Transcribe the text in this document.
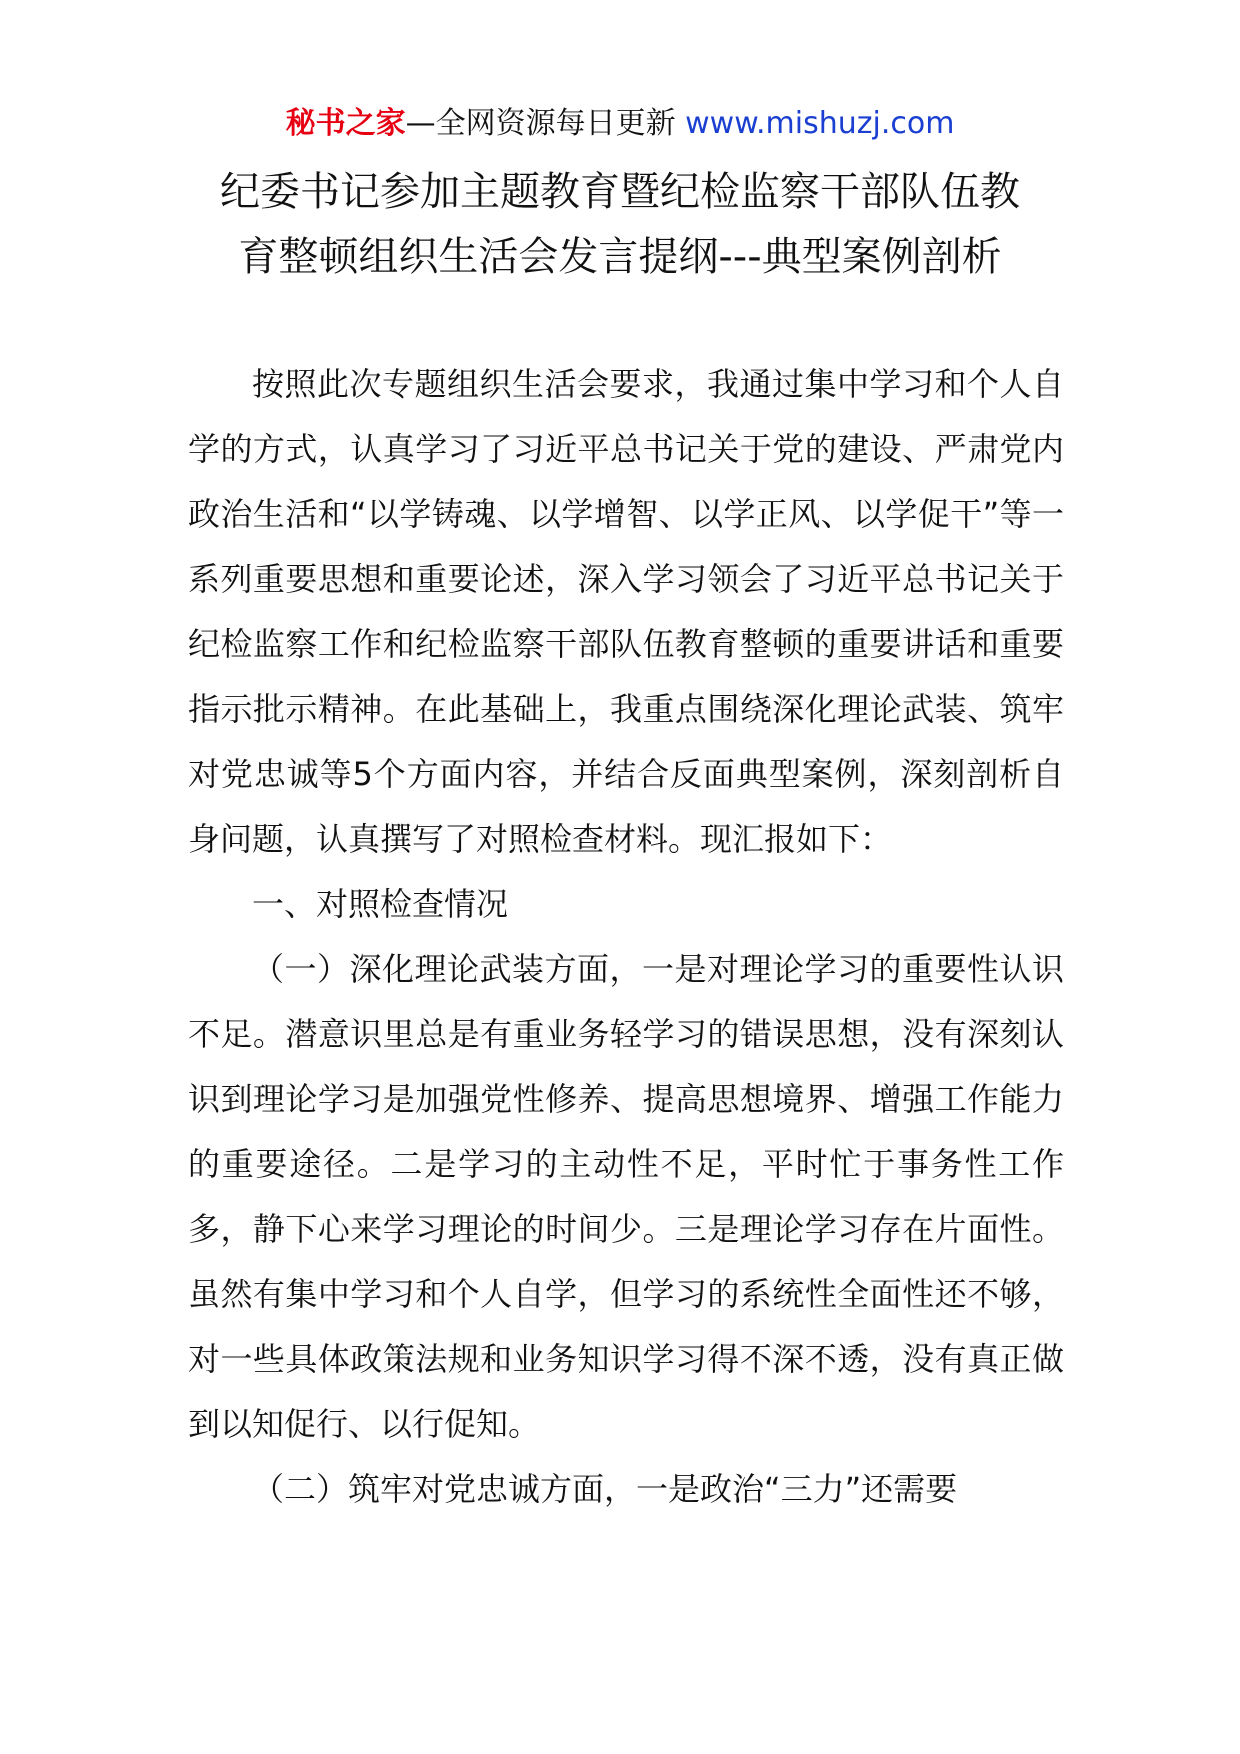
秘书之家—全网资源每日更新 www.mishuzj.com
纪委书记参加主题教育暨纪检监察干部队伍教
育整顿组织生活会发言提纲---典型案例剖析

按照此次专题组织生活会要求，我通过集中学习和个人自学的方式，认真学习了习近平总书记关于党的建设、严肃党内政治生活和“以学铸魂、以学增智、以学正风、以学促干”等一系列重要思想和重要论述，深入学习领会了习近平总书记关于纪检监察工作和纪检监察干部队伍教育整顿的重要讲话和重要指示批示精神。在此基础上，我重点围绕深化理论武装、筑牢对党忠诚等5个方面内容，并结合反面典型案例，深刻剖析自身问题，认真撰写了对照检查材料。现汇报如下：

一、对照检查情况

（一）深化理论武装方面，一是对理论学习的重要性认识不足。潜意识里总是有重业务轻学习的错误思想，没有深刻认识到理论学习是加强党性修养、提高思想境界、增强工作能力的重要途径。二是学习的主动性不足，平时忙于事务性工作多，静下心来学习理论的时间少。三是理论学习存在片面性。虽然有集中学习和个人自学，但学习的系统性全面性还不够，对一些具体政策法规和业务知识学习得不深不透，没有真正做到以知促行、以行促知。

（二）筑牢对党忠诚方面，一是政治“三力”还需要
